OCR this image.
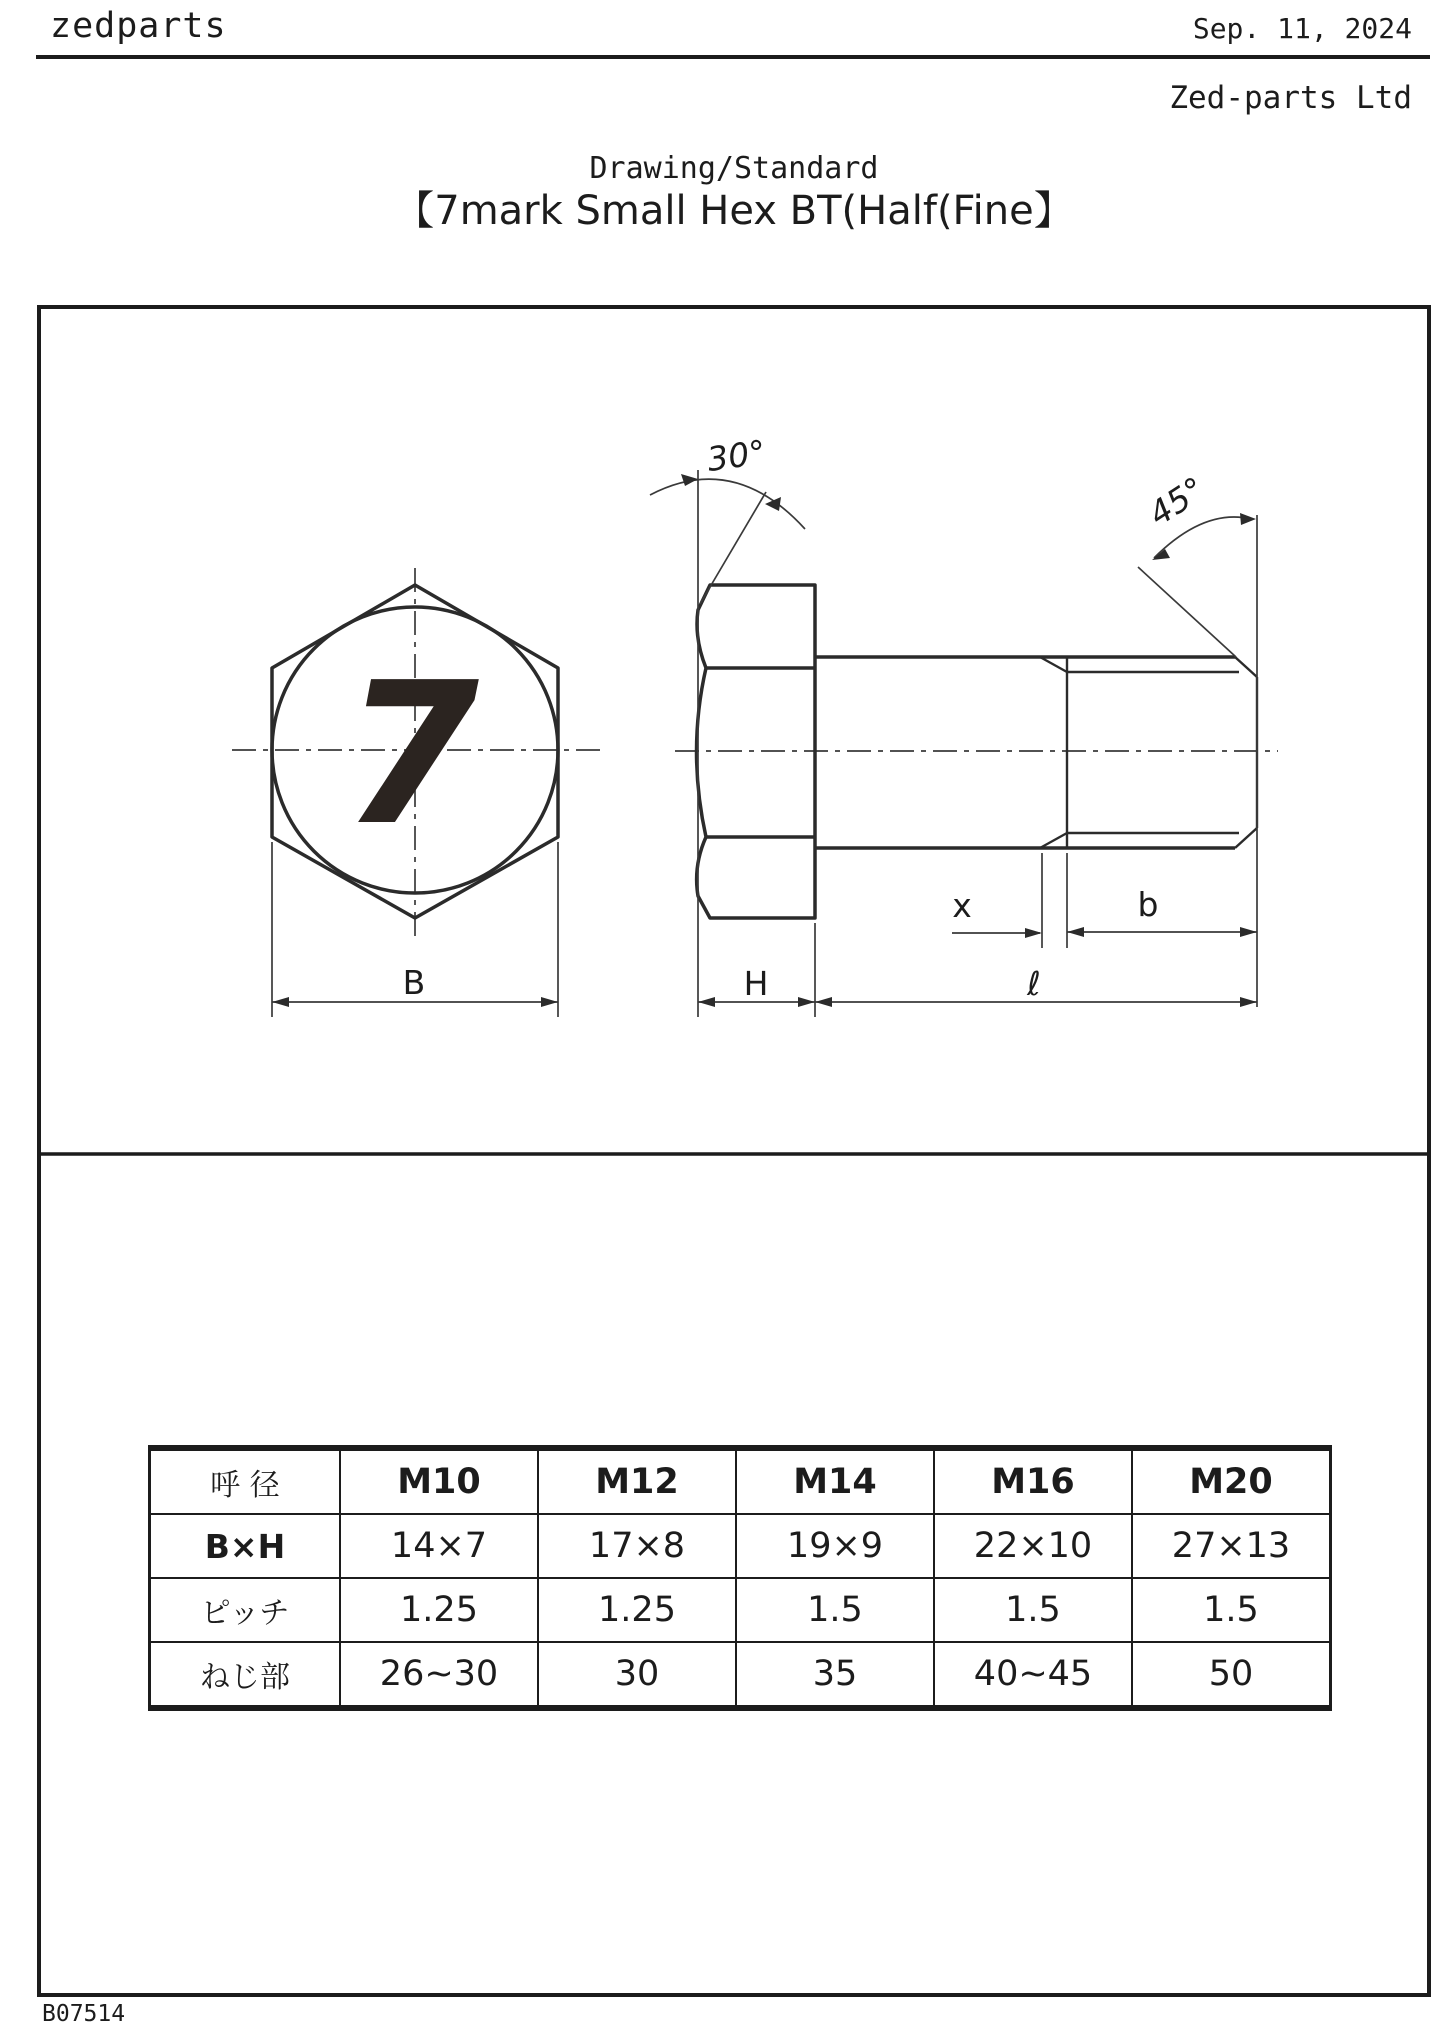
zedparts	Sep. 11, 2024
Zed-parts Ltd
Drawing/Standard
【7mark Small Hex BT(Half(Fine】
7
B
30°
45°
x	b
H	ℓ
呼 径	M10	M12	M14	M16	M20
B×H	14×7	17×8	19×9	22×10	27×13
ピッチ	1.25	1.25	1.5	1.5	1.5
ねじ部	26~30	30	35	40~45	50
B07514
